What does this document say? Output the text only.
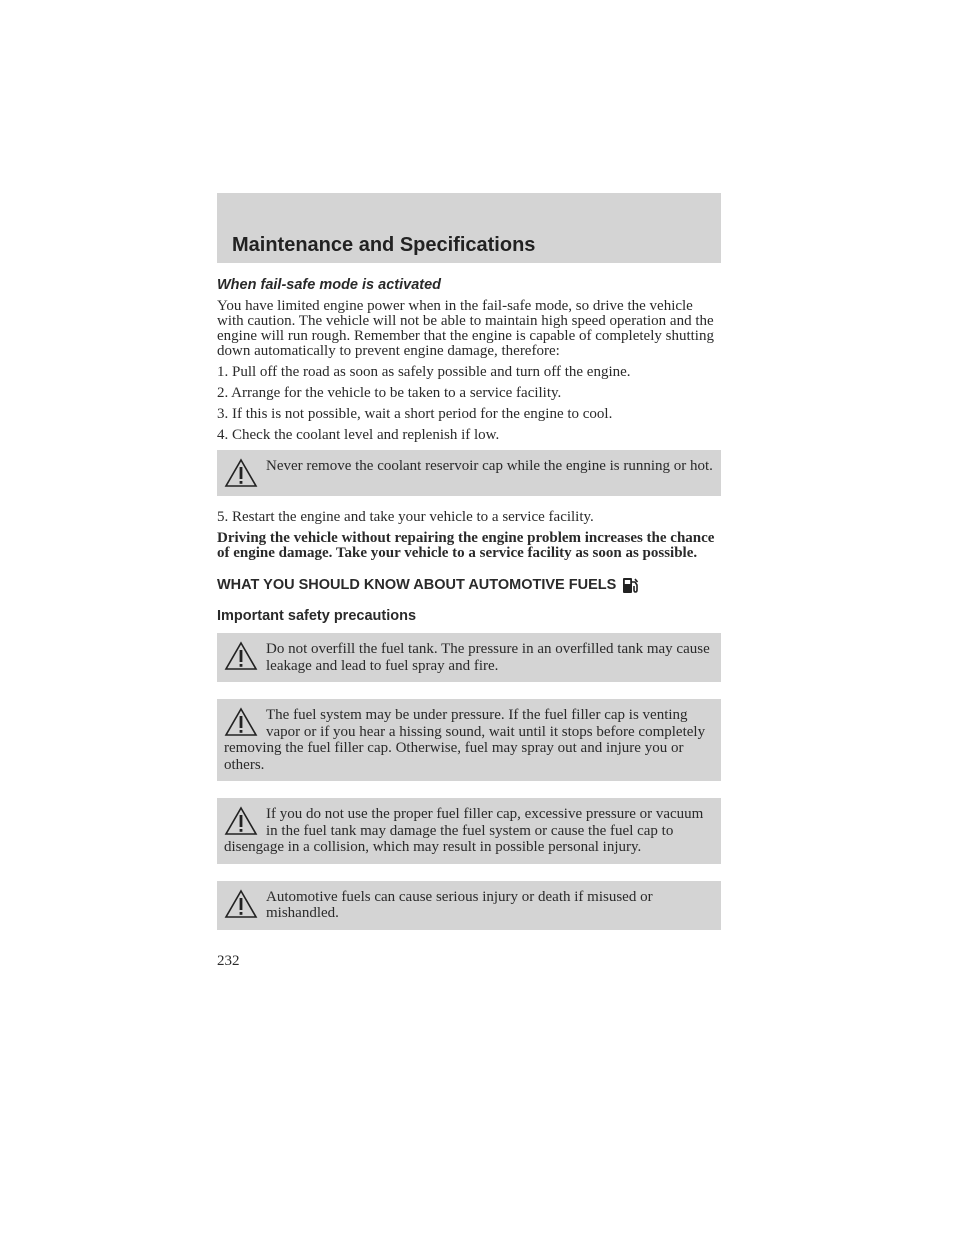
Maintenance and Specifications
When fail-safe mode is activated

You have limited engine power when in the fail-safe mode, so drive the vehicle with caution. The vehicle will not be able to maintain high speed operation and the engine will run rough. Remember that the engine is capable of completely shutting down automatically to prevent engine damage, therefore:

1. Pull off the road as soon as safely possible and turn off the engine.

2. Arrange for the vehicle to be taken to a service facility.

3. If this is not possible, wait a short period for the engine to cool.

4. Check the coolant level and replenish if low.

Never remove the coolant reservoir cap while the engine is running or hot.

5. Restart the engine and take your vehicle to a service facility.

Driving the vehicle without repairing the engine problem increases the chance of engine damage. Take your vehicle to a service facility as soon as possible.

WHAT YOU SHOULD KNOW ABOUT AUTOMOTIVE FUELS
Important safety precautions

Do not overfill the fuel tank. The pressure in an overfilled tank may cause leakage and lead to fuel spray and fire.

The fuel system may be under pressure. If the fuel filler cap is venting vapor or if you hear a hissing sound, wait until it stops before completely removing the fuel filler cap. Otherwise, fuel may spray out and injure you or others.

If you do not use the proper fuel filler cap, excessive pressure or vacuum in the fuel tank may damage the fuel system or cause the fuel cap to disengage in a collision, which may result in possible personal injury.

Automotive fuels can cause serious injury or death if misused or mishandled.

232
